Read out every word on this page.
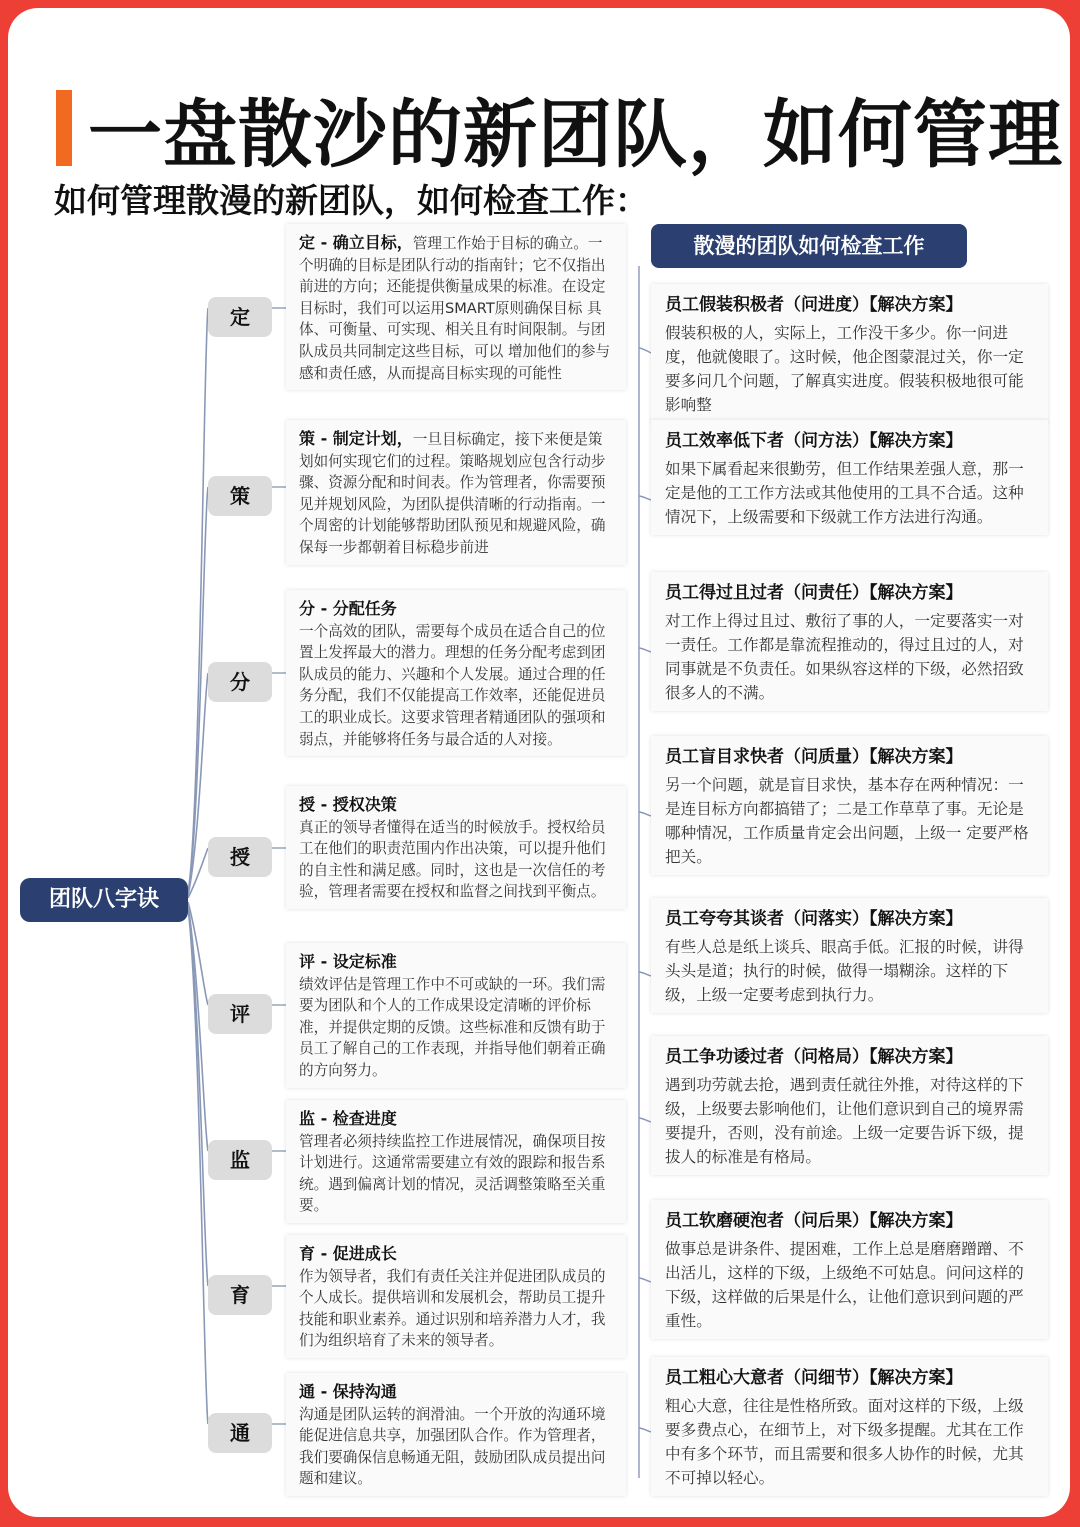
一盘散沙的新团队，如何管理
如何管理散漫的新团队，如何检查工作：
团队八字诀
定
策
分
授
评
监
育
通
定 - 确立目标，管理工作始于目标的确立。一个明确的目标是团队行动的指南针；它不仅指出前进的方向；还能提供衡量成果的标准。在设定目标时，我们可以运用SMART原则确保目标 具体、可衡量、可实现、相关且有时间限制。与团队成员共同制定这些目标，可以 增加他们的参与感和责任感，从而提高目标实现的可能性
策 - 制定计划，一旦目标确定，接下来便是策划如何实现它们的过程。策略规划应包含行动步骤、资源分配和时间表。作为管理者，你需要预见并规划风险，为团队提供清晰的行动指南。一个周密的计划能够帮助团队预见和规避风险，确保每一步都朝着目标稳步前进
分 - 分配任务
一个高效的团队，需要每个成员在适合自己的位置上发挥最大的潜力。理想的任务分配考虑到团队成员的能力、兴趣和个人发展。通过合理的任务分配，我们不仅能提高工作效率，还能促进员工的职业成长。这要求管理者精通团队的强项和弱点，并能够将任务与最合适的人对接。
授 - 授权决策
真正的领导者懂得在适当的时候放手。授权给员工在他们的职责范围内作出决策，可以提升他们的自主性和满足感。同时，这也是一次信任的考验，管理者需要在授权和监督之间找到平衡点。
评 - 设定标准
绩效评估是管理工作中不可或缺的一环。我们需要为团队和个人的工作成果设定清晰的评价标准，并提供定期的反馈。这些标准和反馈有助于员工了解自己的工作表现，并指导他们朝着正确的方向努力。
监 - 检查进度
管理者必须持续监控工作进展情况，确保项目按计划进行。这通常需要建立有效的跟踪和报告系统。遇到偏离计划的情况，灵活调整策略至关重要。
育 - 促进成长
作为领导者，我们有责任关注并促进团队成员的个人成长。提供培训和发展机会，帮助员工提升技能和职业素养。通过识别和培养潜力人才，我们为组织培育了未来的领导者。
通 - 保持沟通
沟通是团队运转的润滑油。一个开放的沟通环境能促进信息共享，加强团队合作。作为管理者，我们要确保信息畅通无阻，鼓励团队成员提出问题和建议。
散漫的团队如何检查工作
员工假装积极者（问进度）【解决方案】
假装积极的人，实际上，工作没干多少。你一问进度，他就傻眼了。这时候，他企图蒙混过关，你一定要多问几个问题，了解真实进度。假装积极地很可能影响整
员工效率低下者（问方法）【解决方案】
如果下属看起来很勤劳，但工作结果差强人意，那一定是他的工工作方法或其他使用的工具不合适。这种情况下，上级需要和下级就工作方法进行沟通。
员工得过且过者（问责任）【解决方案】
对工作上得过且过、敷衍了事的人，一定要落实一对一责任。工作都是靠流程推动的，得过且过的人，对同事就是不负责任。如果纵容这样的下级，必然招致很多人的不满。
员工盲目求快者（问质量）【解决方案】
另一个问题，就是盲目求快，基本存在两种情况：一是连目标方向都搞错了；二是工作草草了事。无论是哪种情况，工作质量肯定会出问题，上级一 定要严格把关。
员工夸夸其谈者（问落实）【解决方案】
有些人总是纸上谈兵、眼高手低。汇报的时候，讲得头头是道；执行的时候，做得一塌糊涂。这样的下级，上级一定要考虑到执行力。
员工争功诿过者（问格局）【解决方案】
遇到功劳就去抢，遇到责任就往外推，对待这样的下级，上级要去影响他们，让他们意识到自己的境界需要提升，否则，没有前途。上级一定要告诉下级，提拔人的标准是有格局。
员工软磨硬泡者（问后果）【解决方案】
做事总是讲条件、提困难，工作上总是磨磨蹭蹭、不出活儿，这样的下级，上级绝不可姑息。问问这样的下级，这样做的后果是什么，让他们意识到问题的严重性。
员工粗心大意者（问细节）【解决方案】
粗心大意，往往是性格所致。面对这样的下级，上级要多费点心，在细节上，对下级多提醒。尤其在工作中有多个环节，而且需要和很多人协作的时候，尤其不可掉以轻心。
